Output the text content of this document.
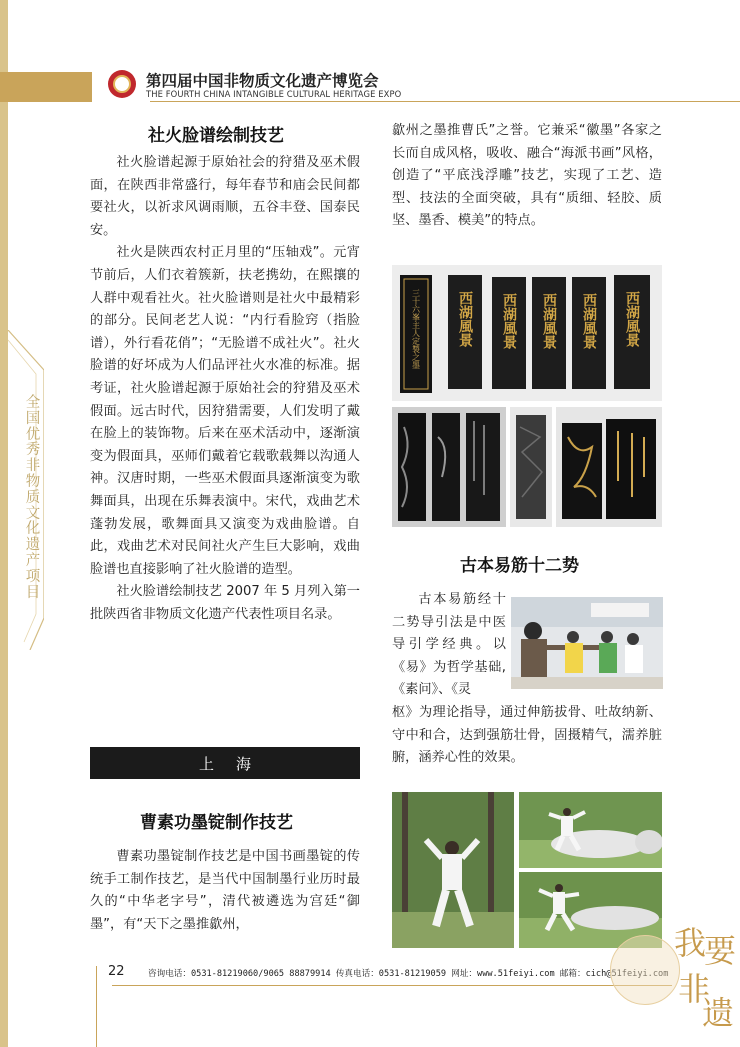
第四届中国非物质文化遗产博览会
THE FOURTH CHINA INTANGIBLE CULTURAL HERITAGE EXPO
全国优秀非物质文化遗产项目
社火脸谱绘制技艺

社火脸谱起源于原始社会的狩猎及巫术假面，在陕西非常盛行，每年春节和庙会民间都要社火，以祈求风调雨顺，五谷丰登、国泰民安。

社火是陕西农村正月里的“压轴戏”。元宵节前后，人们衣着簇新，扶老携幼，在熙攘的人群中观看社火。社火脸谱则是社火中最精彩的部分。民间老艺人说：“内行看脸窍（指脸谱），外行看花俏”；“无脸谱不成社火”。社火脸谱的好坏成为人们品评社火水准的标准。据考证，社火脸谱起源于原始社会的狩猎及巫术假面。远古时代，因狩猎需要，人们发明了戴在脸上的装饰物。后来在巫术活动中，逐渐演变为假面具，巫师们戴着它载歌载舞以沟通人神。汉唐时期，一些巫术假面具逐渐演变为歌舞面具，出现在乐舞表演中。宋代，戏曲艺术蓬勃发展，歌舞面具又演变为戏曲脸谱。自此，戏曲艺术对民间社火产生巨大影响，戏曲脸谱也直接影响了社火脸谱的造型。

社火脸谱绘制技艺 2007 年 5 月列入第一批陕西省非物质文化遗产代表性项目名录。

上海
曹素功墨锭制作技艺

曹素功墨锭制作技艺是中国书画墨锭的传统手工制作技艺，是当代中国制墨行业历时最久的“中华老字号”，清代被遴选为宫廷“御墨”，有“天下之墨推歙州，

歙州之墨推曹氏”之誉。它兼采“徽墨”各家之长而自成风格，吸收、融合“海派书画”风格，创造了“平底浅浮雕”技艺，实现了工艺、造型、技法的全面突破，具有“质细、轻胶、质坚、墨香、模美”的特点。

三十六峯主人定製之墨	西湖風景 西湖風景 西湖風景 西湖風景 西湖風景
古本易筋十二势

古本易筋经十二势导引法是中医导引学经典。以《易》为哲学基础,《素问》、《灵

枢》为理论指导，通过伸筋拔骨、吐故纳新、守中和合，达到强筋壮骨，固摄精气，濡养脏腑，涵养心性的效果。

22	咨询电话：0531-81219060/9065 88879914 传真电话：0531-81219059 网址：www.51feiyi.com 邮箱：cich@51feiyi.com
我
要
非
遗
